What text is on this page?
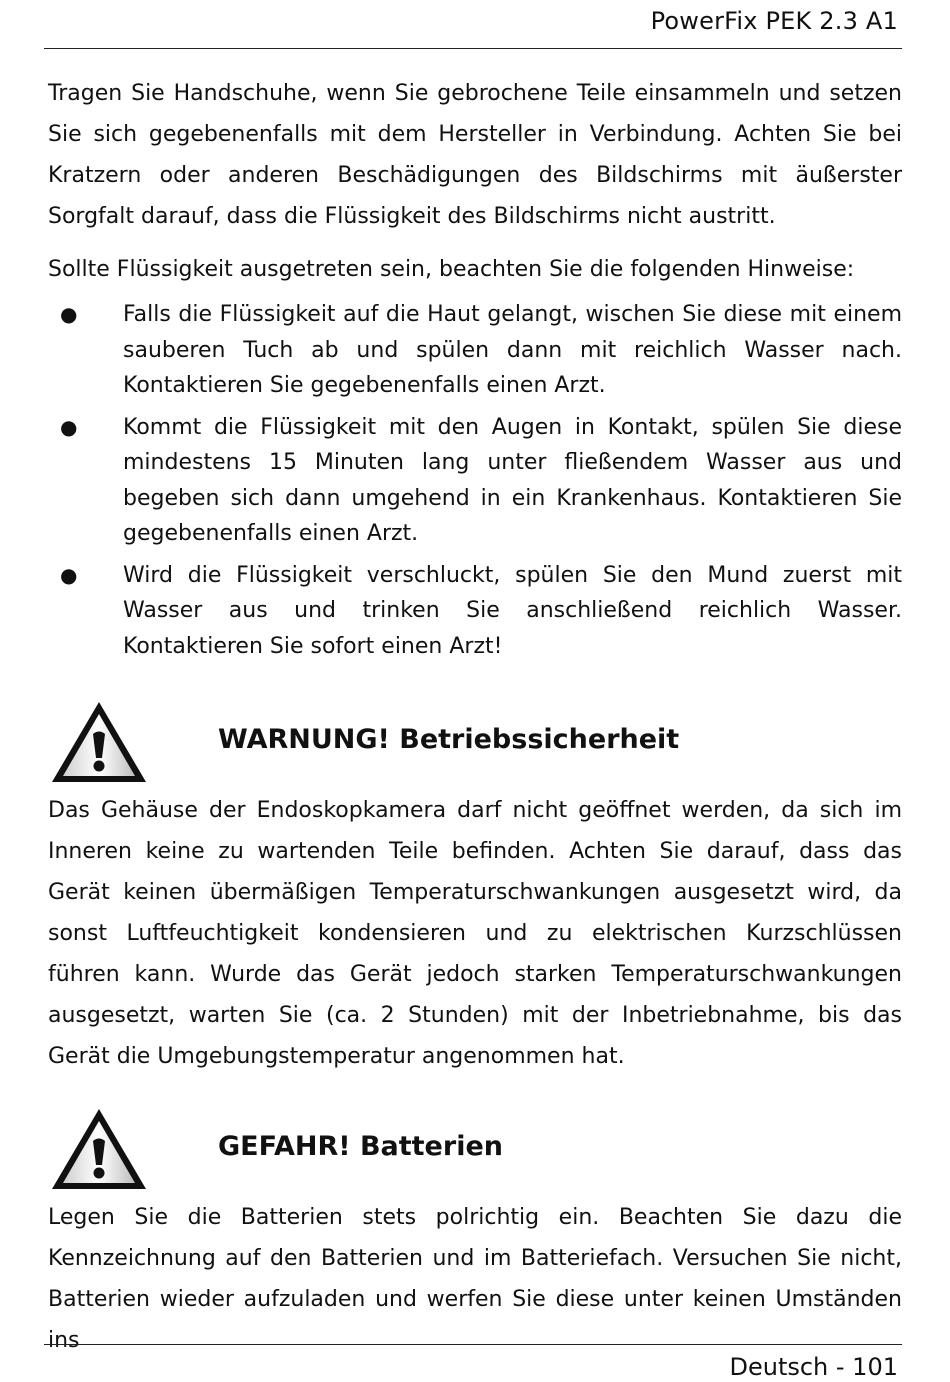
PowerFix PEK 2.3 A1

Tragen Sie Handschuhe, wenn Sie gebrochene Teile einsammeln und setzen Sie sich gegebenenfalls mit dem Hersteller in Verbindung. Achten Sie bei Kratzern oder anderen Beschädigungen des Bildschirms mit äußerster Sorgfalt darauf, dass die Flüssigkeit des Bildschirms nicht austritt.

Sollte Flüssigkeit ausgetreten sein, beachten Sie die folgenden Hinweise:

● Falls die Flüssigkeit auf die Haut gelangt, wischen Sie diese mit einem sauberen Tuch ab und spülen dann mit reichlich Wasser nach. Kontaktieren Sie gegebenenfalls einen Arzt.
● Kommt die Flüssigkeit mit den Augen in Kontakt, spülen Sie diese mindestens 15 Minuten lang unter fließendem Wasser aus und begeben sich dann umgehend in ein Krankenhaus. Kontaktieren Sie gegebenenfalls einen Arzt.
● Wird die Flüssigkeit verschluckt, spülen Sie den Mund zuerst mit Wasser aus und trinken Sie anschließend reichlich Wasser. Kontaktieren Sie sofort einen Arzt!
WARNUNG! Betriebssicherheit

Das Gehäuse der Endoskopkamera darf nicht geöffnet werden, da sich im Inneren keine zu wartenden Teile befinden. Achten Sie darauf, dass das Gerät keinen übermäßigen Temperaturschwankungen ausgesetzt wird, da sonst Luftfeuchtigkeit kondensieren und zu elektrischen Kurzschlüssen führen kann. Wurde das Gerät jedoch starken Temperaturschwankungen ausgesetzt, warten Sie (ca. 2 Stunden) mit der Inbetriebnahme, bis das Gerät die Umgebungstemperatur angenommen hat.

GEFAHR! Batterien

Legen Sie die Batterien stets polrichtig ein. Beachten Sie dazu die Kennzeichnung auf den Batterien und im Batteriefach. Versuchen Sie nicht, Batterien wieder aufzuladen und werfen Sie diese unter keinen Umständen ins

Deutsch - 101
